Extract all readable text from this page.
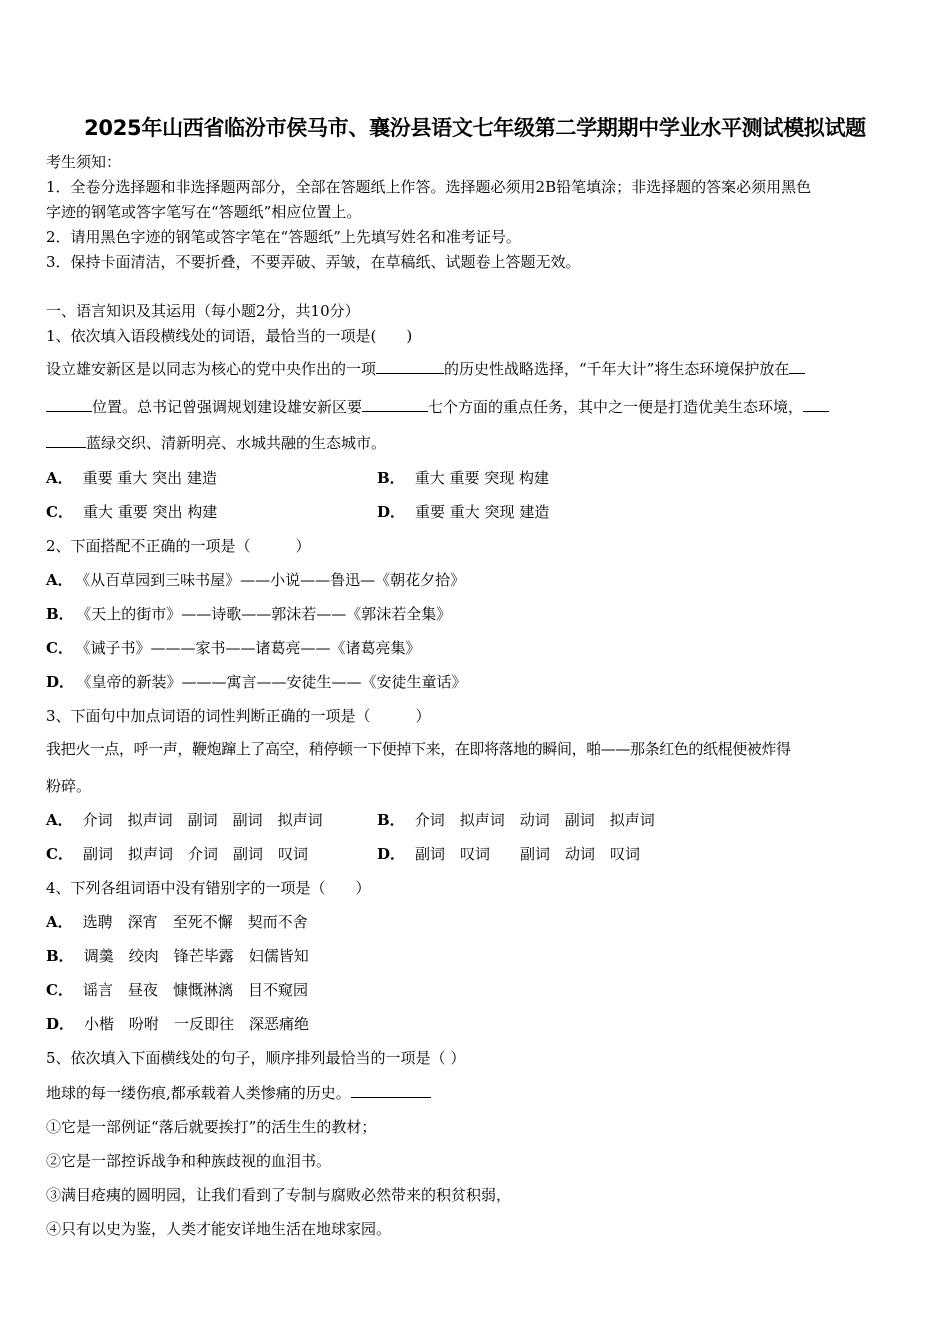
2025年山西省临汾市侯马市、襄汾县语文七年级第二学期期中学业水平测试模拟试题
考生须知：
1．全卷分选择题和非选择题两部分，全部在答题纸上作答。选择题必须用2B铅笔填涂；非选择题的答案必须用黑色
字迹的钢笔或答字笔写在“答题纸”相应位置上。
2．请用黑色字迹的钢笔或答字笔在“答题纸”上先填写姓名和准考证号。
3．保持卡面清洁，不要折叠，不要弄破、弄皱，在草稿纸、试题卷上答题无效。
一、语言知识及其运用（每小题2分，共10分）
1、依次填入语段横线处的词语，最恰当的一项是(　　)
设立雄安新区是以同志为核心的党中央作出的一项	的历史性战略选择，“千年大计”将生态环境保护放在
位置。总书记曾强调规划建设雄安新区要	七个方面的重点任务，其中之一便是打造优美生态环境，
蓝绿交织、清新明亮、水城共融的生态城市。
A． 重要 重大 突出 建造	B． 重大 重要 突现 构建
C． 重大 重要 突出 构建	D． 重要 重大 突现 建造
2、下面搭配不正确的一项是（　　　）
A． 《从百草园到三味书屋》——小说——鲁迅—《朝花夕拾》
B． 《天上的街市》——诗歌——郭沫若——《郭沫若全集》
C． 《诫子书》———家书——诸葛亮——《诸葛亮集》
D． 《皇帝的新装》———寓言——安徒生——《安徒生童话》
3、下面句中加点词语的词性判断正确的一项是（　　　）
我把火一点，呼一声，鞭炮蹿上了高空，稍停顿一下便掉下来，在即将落地的瞬间，啪——那条红色的纸棍便被炸得
粉碎。
A． 介词　拟声词　副词　副词　拟声词	B． 介词　拟声词　动词　副词　拟声词
C． 副词　拟声词　介词　副词　叹词	D． 副词　叹词　　副词　动词　叹词
4、下列各组词语中没有错别字的一项是（　　）
A． 选聘　深宵　至死不懈　契而不舍
B． 调羹　绞肉　锋芒毕露　妇儒皆知
C． 谣言　昼夜　慷慨淋漓　目不窥园
D． 小楷　吩咐　一反即往　深恶痛绝
5、依次填入下面横线处的句子，顺序排列最恰当的一项是（ ）
地球的每一缕伤痕,都承载着人类惨痛的历史。
①它是一部例证“落后就要挨打”的活生生的教材；
②它是一部控诉战争和种族歧视的血泪书。
③满目疮痍的圆明园，让我们看到了专制与腐败必然带来的积贫积弱，
④只有以史为鉴，人类才能安详地生活在地球家园。
